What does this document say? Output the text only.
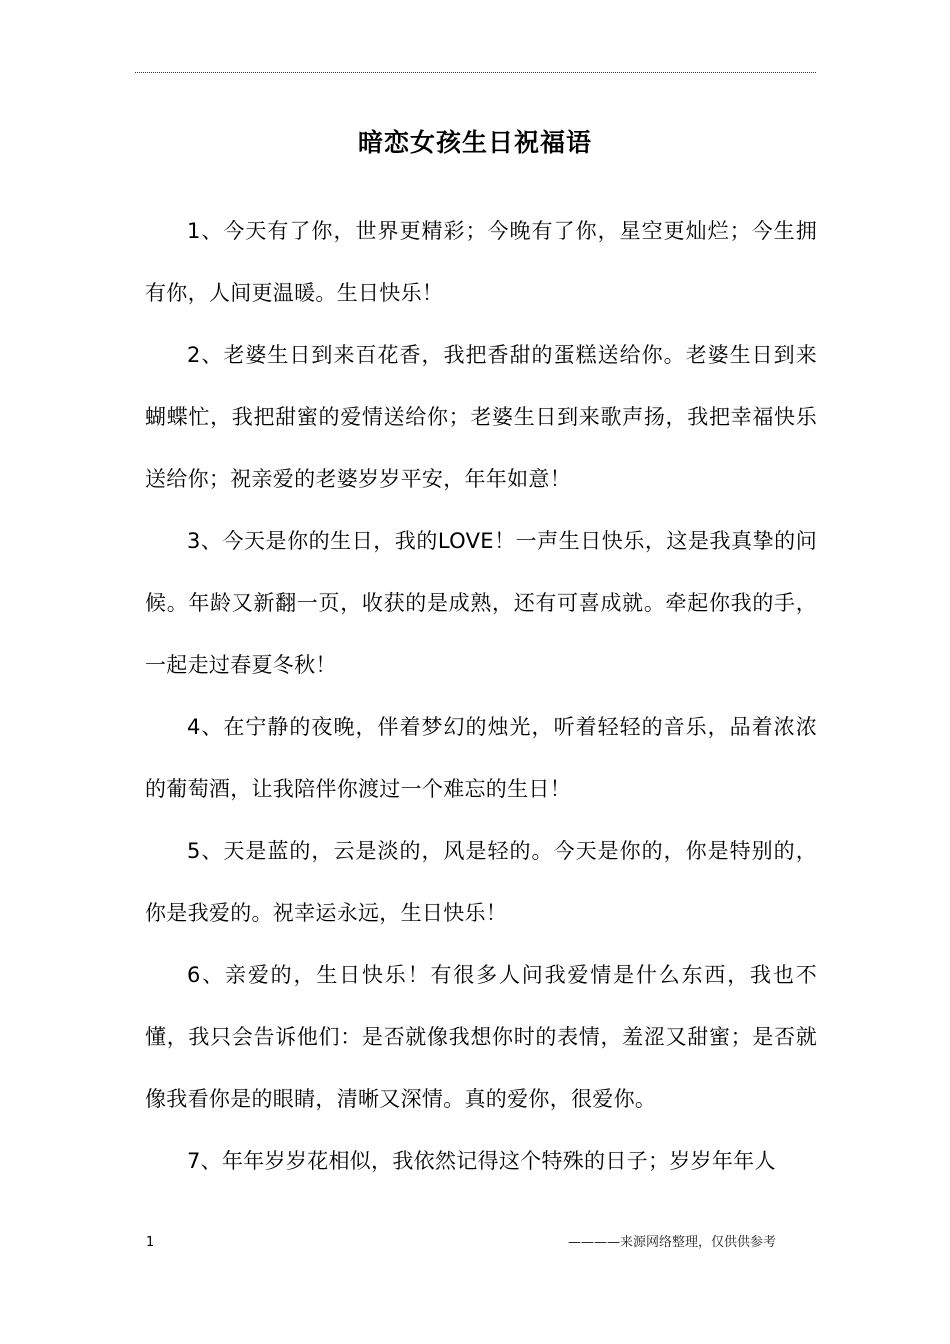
暗恋女孩生日祝福语

1、今天有了你，世界更精彩；今晚有了你，星空更灿烂；今生拥有你，人间更温暖。生日快乐！

2、老婆生日到来百花香，我把香甜的蛋糕送给你。老婆生日到来蝴蝶忙，我把甜蜜的爱情送给你；老婆生日到来歌声扬，我把幸福快乐送给你；祝亲爱的老婆岁岁平安，年年如意！

3、今天是你的生日，我的LOVE！一声生日快乐，这是我真挚的问候。年龄又新翻一页，收获的是成熟，还有可喜成就。牵起你我的手，一起走过春夏冬秋！

4、在宁静的夜晚，伴着梦幻的烛光，听着轻轻的音乐，品着浓浓的葡萄酒，让我陪伴你渡过一个难忘的生日！

5、天是蓝的，云是淡的，风是轻的。今天是你的，你是特别的，你是我爱的。祝幸运永远，生日快乐！

6、亲爱的，生日快乐！有很多人问我爱情是什么东西，我也不懂，我只会告诉他们：是否就像我想你时的表情，羞涩又甜蜜；是否就像我看你是的眼睛，清晰又深情。真的爱你，很爱你。

7、年年岁岁花相似，我依然记得这个特殊的日子；岁岁年年人

1	————来源网络整理，仅供供参考
